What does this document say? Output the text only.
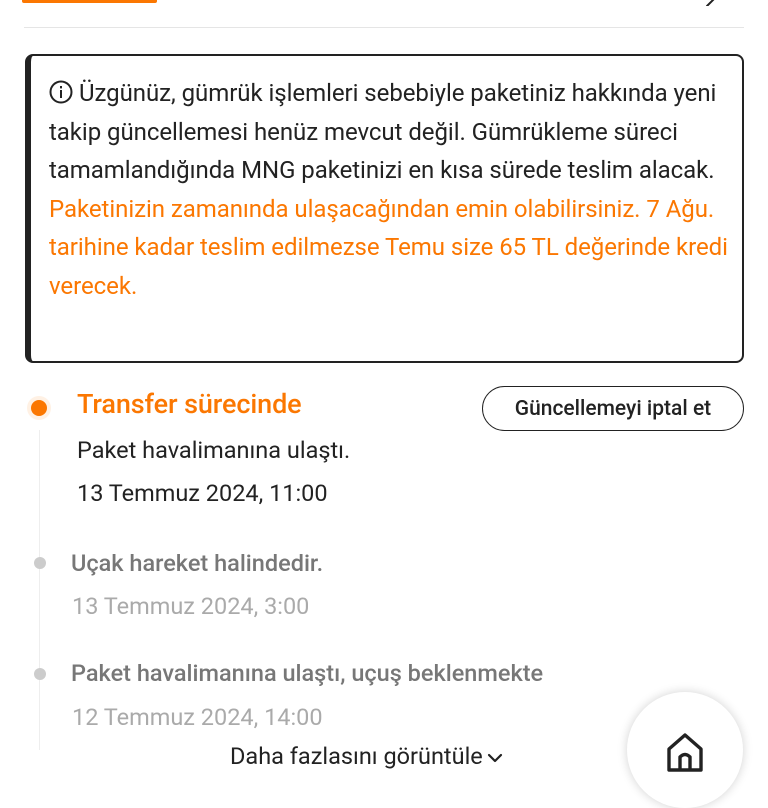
Üzgünüz, gümrük işlemleri sebebiyle paketiniz hakkında yeni takip güncellemesi henüz mevcut değil. Gümrükleme süreci tamamlandığında MNG paketinizi en kısa sürede teslim alacak. Paketinizin zamanında ulaşacağından emin olabilirsiniz. 7 Ağu. tarihine kadar teslim edilmezse Temu size 65 TL değerinde kredi verecek.
Transfer sürecinde
Paket havalimanına ulaştı.
13 Temmuz 2024, 11:00
Güncellemeyi iptal et
Uçak hareket halindedir.
13 Temmuz 2024, 3:00
Paket havalimanına ulaştı, uçuş beklenmekte
12 Temmuz 2024, 14:00
Daha fazlasını görüntüle
